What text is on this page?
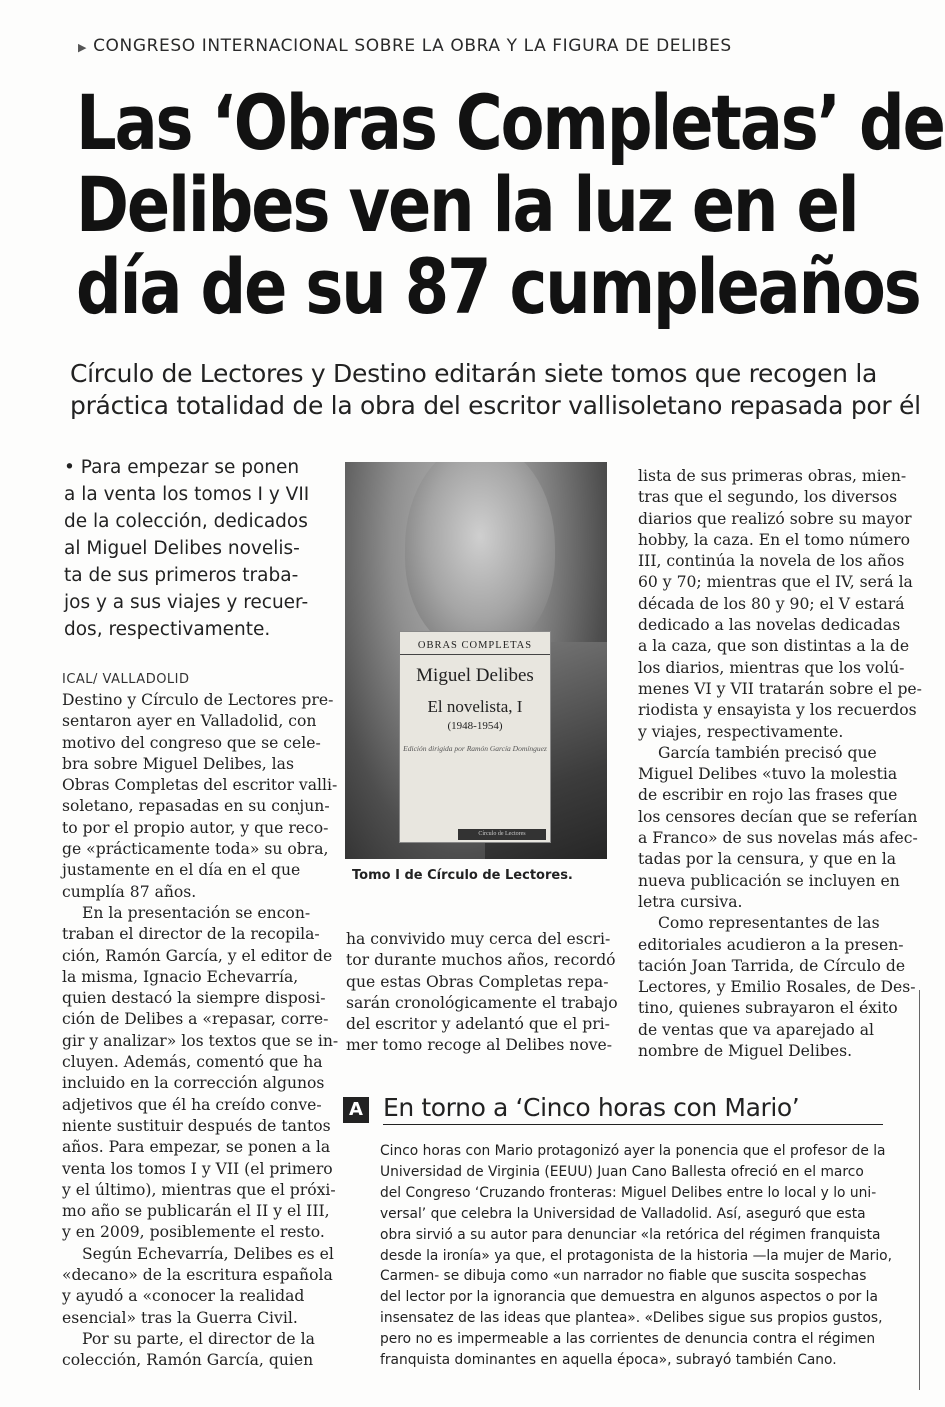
▶ CONGRESO INTERNACIONAL SOBRE LA OBRA Y LA FIGURA DE DELIBES
Las ‘Obras Completas’ de
Delibes ven la luz en el
día de su 87 cumpleaños
Círculo de Lectores y Destino editarán siete tomos que recogen la
práctica totalidad de la obra del escritor vallisoletano repasada por él
• Para empezar se ponen
a la venta los tomos I y VII
de la colección, dedicados
al Miguel Delibes novelis-
ta de sus primeros traba-
jos y a sus viajes y recuer-
dos, respectivamente.
ICAL/ VALLADOLID
Destino y Círculo de Lectores pre-
sentaron ayer en Valladolid, con
motivo del congreso que se cele-
bra sobre Miguel Delibes, las
Obras Completas del escritor valli-
soletano, repasadas en su conjun-
to por el propio autor, y que reco-
ge «prácticamente toda» su obra,
justamente en el día en el que
cumplía 87 años.
En la presentación se encon-
traban el director de la recopila-
ción, Ramón García, y el editor de
la misma, Ignacio Echevarría,
quien destacó la siempre disposi-
ción de Delibes a «repasar, corre-
gir y analizar» los textos que se in-
cluyen. Además, comentó que ha
incluido en la corrección algunos
adjetivos que él ha creído conve-
niente sustituir después de tantos
años. Para empezar, se ponen a la
venta los tomos I y VII (el primero
y el último), mientras que el próxi-
mo año se publicarán el II y el III,
y en 2009, posiblemente el resto.
Según Echevarría, Delibes es el
«decano» de la escritura española
y ayudó a «conocer la realidad
esencial» tras la Guerra Civil.
Por su parte, el director de la
colección, Ramón García, quien
OBRAS COMPLETAS
Miguel Delibes
El novelista, I
(1948-1954)
Edición dirigida por Ramón García Domínguez
Círculo de Lectores
Tomo I de Círculo de Lectores.
ha convivido muy cerca del escri-
tor durante muchos años, recordó
que estas Obras Completas repa-
sarán cronológicamente el trabajo
del escritor y adelantó que el pri-
mer tomo recoge al Delibes nove-
lista de sus primeras obras, mien-
tras que el segundo, los diversos
diarios que realizó sobre su mayor
hobby, la caza. En el tomo número
III, continúa la novela de los años
60 y 70; mientras que el IV, será la
década de los 80 y 90; el V estará
dedicado a las novelas dedicadas
a la caza, que son distintas a la de
los diarios, mientras que los volú-
menes VI y VII tratarán sobre el pe-
riodista y ensayista y los recuerdos
y viajes, respectivamente.
García también precisó que
Miguel Delibes «tuvo la molestia
de escribir en rojo las frases que
los censores decían que se referían
a Franco» de sus novelas más afec-
tadas por la censura, y que en la
nueva publicación se incluyen en
letra cursiva.
Como representantes de las
editoriales acudieron a la presen-
tación Joan Tarrida, de Círculo de
Lectores, y Emilio Rosales, de Des-
tino, quienes subrayaron el éxito
de ventas que va aparejado al
nombre de Miguel Delibes.
A En torno a ‘Cinco horas con Mario’
Cinco horas con Mario protagonizó ayer la ponencia que el profesor de la
Universidad de Virginia (EEUU) Juan Cano Ballesta ofreció en el marco
del Congreso ‘Cruzando fronteras: Miguel Delibes entre lo local y lo uni-
versal’ que celebra la Universidad de Valladolid. Así, aseguró que esta
obra sirvió a su autor para denunciar «la retórica del régimen franquista
desde la ironía» ya que, el protagonista de la historia —la mujer de Mario,
Carmen- se dibuja como «un narrador no fiable que suscita sospechas
del lector por la ignorancia que demuestra en algunos aspectos o por la
insensatez de las ideas que plantea». «Delibes sigue sus propios gustos,
pero no es impermeable a las corrientes de denuncia contra el régimen
franquista dominantes en aquella época», subrayó también Cano.
